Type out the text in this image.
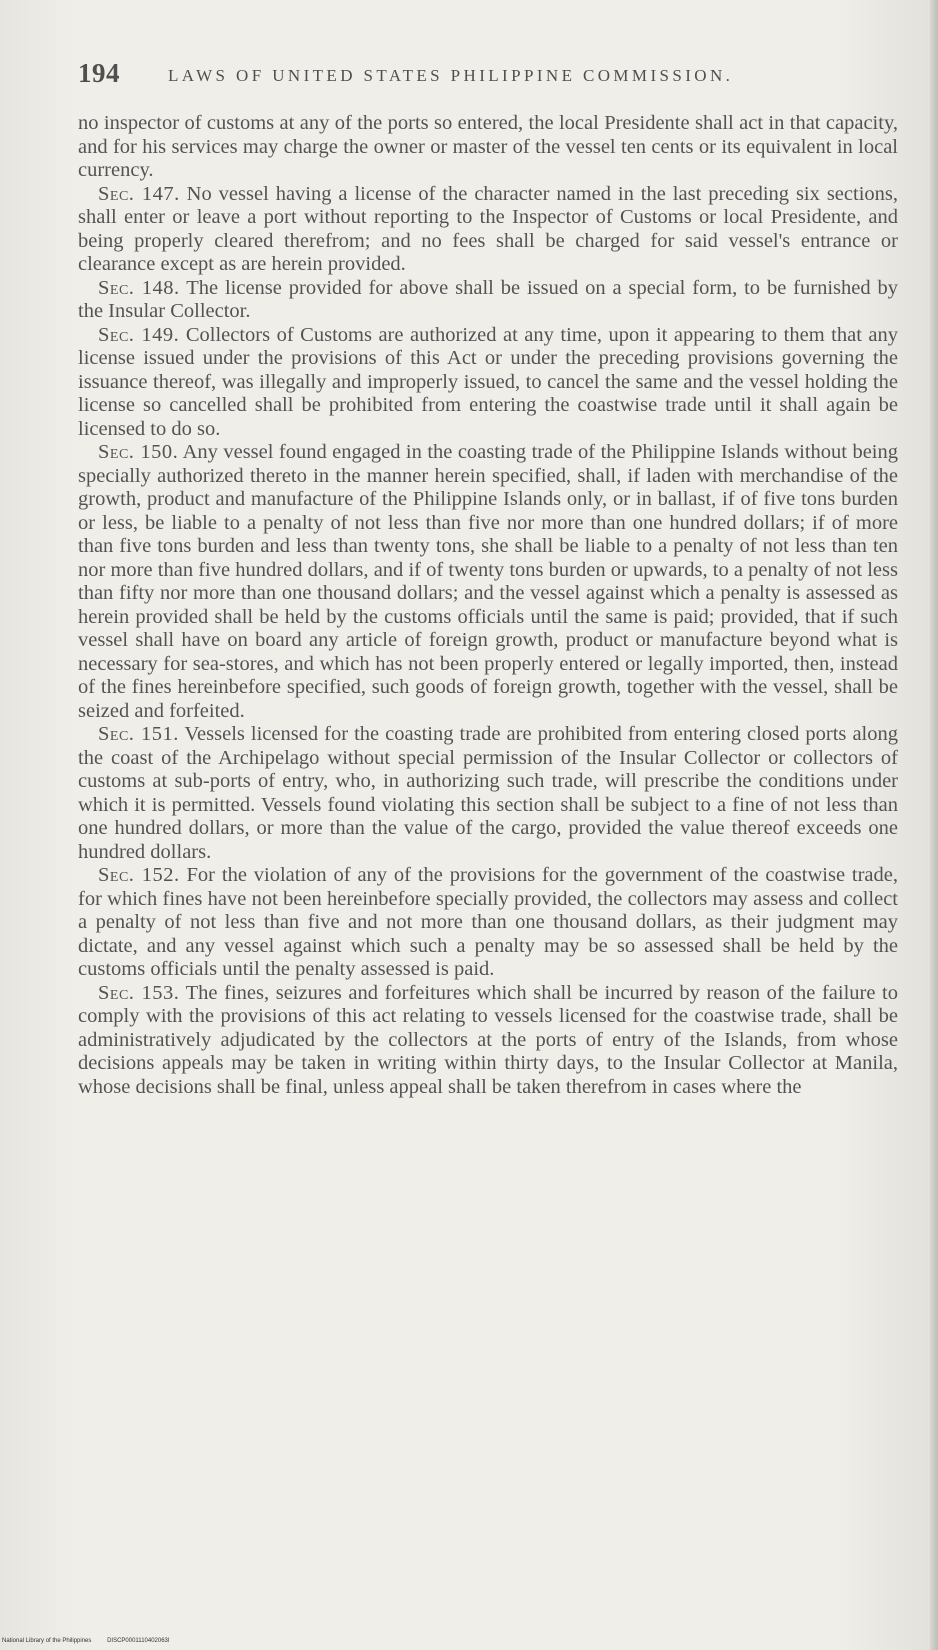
194	LAWS OF UNITED STATES PHILIPPINE COMMISSION.

no inspector of customs at any of the ports so entered, the local Presidente shall act in that capacity, and for his services may charge the owner or master of the vessel ten cents or its equivalent in local currency.

Sec. 147. No vessel having a license of the character named in the last preceding six sections, shall enter or leave a port without reporting to the Inspector of Customs or local Presidente, and being properly cleared therefrom; and no fees shall be charged for said vessel's entrance or clearance except as are herein provided.

Sec. 148. The license provided for above shall be issued on a special form, to be furnished by the Insular Collector.

Sec. 149. Collectors of Customs are authorized at any time, upon it appearing to them that any license issued under the provisions of this Act or under the preceding provisions governing the issuance thereof, was illegally and improperly issued, to cancel the same and the vessel holding the license so cancelled shall be prohibited from entering the coastwise trade until it shall again be licensed to do so.

Sec. 150. Any vessel found engaged in the coasting trade of the Philippine Islands without being specially authorized thereto in the manner herein specified, shall, if laden with merchandise of the growth, product and manufacture of the Philippine Islands only, or in ballast, if of five tons burden or less, be liable to a penalty of not less than five nor more than one hundred dollars; if of more than five tons burden and less than twenty tons, she shall be liable to a penalty of not less than ten nor more than five hundred dollars, and if of twenty tons burden or upwards, to a penalty of not less than fifty nor more than one thousand dollars; and the vessel against which a penalty is assessed as herein provided shall be held by the customs officials until the same is paid; provided, that if such vessel shall have on board any article of foreign growth, product or manufacture beyond what is necessary for sea-stores, and which has not been properly entered or legally imported, then, instead of the fines hereinbefore specified, such goods of foreign growth, together with the vessel, shall be seized and forfeited.

Sec. 151. Vessels licensed for the coasting trade are prohibited from entering closed ports along the coast of the Archipelago without special permission of the Insular Collector or collectors of customs at sub-ports of entry, who, in authorizing such trade, will prescribe the conditions under which it is permitted. Vessels found violating this section shall be subject to a fine of not less than one hundred dollars, or more than the value of the cargo, provided the value thereof exceeds one hundred dollars.

Sec. 152. For the violation of any of the provisions for the government of the coastwise trade, for which fines have not been hereinbefore specially provided, the collectors may assess and collect a penalty of not less than five and not more than one thousand dollars, as their judgment may dictate, and any vessel against which such a penalty may be so assessed shall be held by the customs officials until the penalty assessed is paid.

Sec. 153. The fines, seizures and forfeitures which shall be incurred by reason of the failure to comply with the provisions of this act relating to vessels licensed for the coastwise trade, shall be administratively adjudicated by the collectors at the ports of entry of the Islands, from whose decisions appeals may be taken in writing within thirty days, to the Insular Collector at Manila, whose decisions shall be final, unless appeal shall be taken therefrom in cases where the

National Library of the Philippines	DISCP0001110402063l
